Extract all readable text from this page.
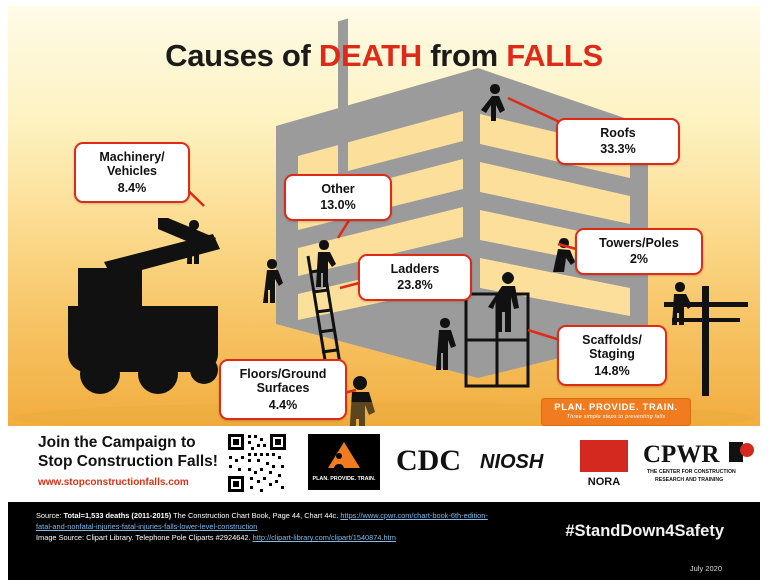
Causes of DEATH from FALLS
Machinery/
Vehicles
8.4%	Other
13.0%
Roofs
33.3%
Towers/Poles
2%
Ladders
23.8%
Scaffolds/
Staging
14.8%
Floors/Ground
Surfaces
4.4%	PLAN. PROVIDE. TRAIN.
Three simple steps to preventing falls
Join the Campaign to
Stop Construction Falls!
www.stopconstructionfalls.com	PLAN. PROVIDE. TRAIN.
CDC NIOSH
NORA
CPWR
THE CENTER FOR CONSTRUCTION
RESEARCH AND TRAINING
Source: Total=1,533 deaths (2011-2015) The Construction Chart Book, Page 44, Chart 44c. https://www.cpwr.com/chart-book-6th-edition-fatal-and-nonfatal-injuries-fatal-injuries-falls-lower-level-construction
Image Source: Clipart Library. Telephone Pole Cliparts #2924642. http://clipart-library.com/clipart/1540874.htm	#StandDown4Safety
July 2020
